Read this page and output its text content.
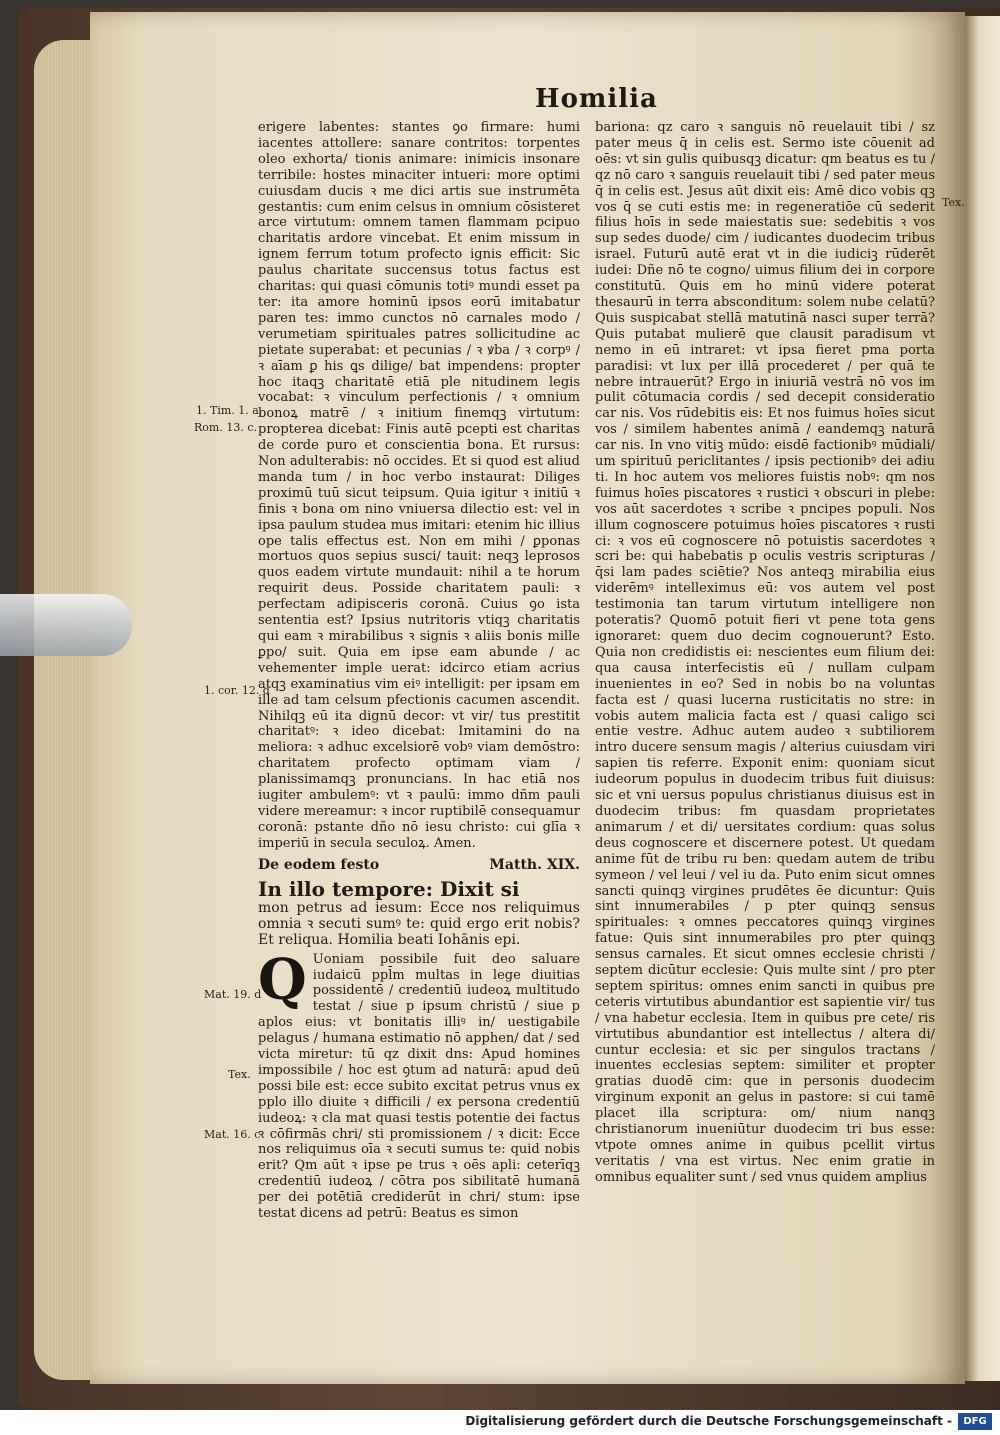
Homilia

erigere labentes: stantes ꝯo firmare: humi iacentes attollere: sanare contritos: torpentes oleo exhorta/ tionis animare: inimicis insonare terribile: hostes minaciter intueri: more optimi cuiusdam ducis ꝛ me dici artis sue instrumēta gestantis: cum enim celsus in omnium cōsisteret arce virtutum: omnem tamen flammam pcipuo charitatis ardore vincebat. Et enim missum in ignem ferrum totum profecto ignis efficit: Sic paulus charitate succensus totus factus est charitas: qui quasi cōmunis totiꝰ mundi esset pa ter: ita amore hominū ipsos eorū imitabatur paren tes: immo cunctos nō carnales modo / verumetiam spirituales patres sollicitudine ac pietate superabat: et pecunias / ꝛ ꝟba / ꝛ corpꝰ / ꝛ aīam ꝑ his ꝗs dilige/ bat impendens: propter hoc itaqꝫ charitatē etiā ple nitudinem legis vocabat: ꝛ vinculum perfectionis / ꝛ omnium bonoꝝ matrē / ꝛ initium finemqꝫ virtutum: propterea dicebat: Finis autē pcepti est charitas de corde puro et conscientia bona. Et rursus: Non adulterabis: nō occides. Et si quod est aliud manda tum / in hoc verbo instaurat: Diliges proximū tuū sicut teipsum. Quia igitur ꝛ initiū ꝛ finis ꝛ bona om nino vniuersa dilectio est: vel in ipsa paulum studea mus imitari: etenim hic illius ope talis effectus est. Non em mihi / ꝑponas mortuos quos sepius susci/ tauit: neqꝫ leprosos quos eadem virtute mundauit: nihil a te horum requirit deus. Posside charitatem pauli: ꝛ perfectam adipisceris coronā. Cuius ꝯo ista sententia est? Ipsius nutritoris vtiqꝫ charitatis qui eam ꝛ mirabilibus ꝛ signis ꝛ aliis bonis mille ꝑpo/ suit. Quia em ipse eam abunde / ac vehementer imple uerat: idcirco etiam acrius atqꝫ examinatius vim eiꝰ intelligit: per ipsam em ille ad tam celsum pfectionis cacumen ascendit. Nihilqꝫ eū ita dignū decor: vt vir/ tus prestitit charitatꝰ: ꝛ ideo dicebat: Imitamini do na meliora: ꝛ adhuc excelsiorē vobꝰ viam demōstro: charitatem profecto optimam viam / planissimamqꝫ pronuncians. In hac etiā nos iugiter ambulemꝰ: vt ꝛ paulū: immo dñm pauli videre mereamur: ꝛ incor ruptibilē consequamur coronā: pstante dño nō iesu christo: cui glīa ꝛ imperiū in secula seculoꝝ. Amen.

De eodem festo	Matth. XIX.

In illo tempore: Dixit si

mon petrus ad iesum: Ecce nos reliquimus omnia ꝛ secuti sumꝰ te: quid ergo erit nobis? Et reliqua. Homilia beati Iohānis epi.

Q Uoniam possibile fuit deo saluare iudaicū ppl̄m multas in lege diuitias possidentē / credentiū iudeoꝝ multitudo testat / siue p ipsum christū / siue p aplos eius: vt bonitatis illiꝰ in/ uestigabile pelagus / humana estimatio nō apphen/ dat / sed victa miretur: tū qz dixit dns: Apud homines impossibile / hoc est ꝯtum ad naturā: apud deū possi bile est: ecce subito excitat petrus vnus ex pplo illo diuite ꝛ difficili / ex persona credentiū iudeoꝝ: ꝛ cla mat quasi testis potentie dei factus ꝛ cōfirmās chri/ sti promissionem / ꝛ dicit: Ecce nos reliquimus oīa ꝛ secuti sumus te: quid nobis erit? Qm aūt ꝛ ipse pe trus ꝛ oēs apli: ceterīqꝫ credentiū iudeoꝝ / cōtra pos sibilitatē humanā per dei potētiā crediderūt in chri/ stum: ipse testat dicens ad petrū: Beatus es simon

bariona: qz caro ꝛ sanguis nō reuelauit tibi / sz pater meus q̄ in celis est. Sermo iste cōuenit ad oēs: vt sin gulis quibusqꝫ dicatur: qm beatus es tu / qz nō caro ꝛ sanguis reuelauit tibi / sed pater meus q̄ in celis est. Jesus aūt dixit eis: Amē dico vobis qꝫ vos q̄ se cuti estis me: in regeneratiōe cū sederit filius hoīs in sede maiestatis sue: sedebitis ꝛ vos sup sedes duode/ cim / iudicantes duodecim tribus israel. Futurū autē erat vt in die iudiciꝫ rūderēt iudei: Dñe nō te cogno/ uimus filium dei in corpore constitutū. Quis em ho minū videre poterat thesaurū in terra absconditum: solem nube celatū? Quis suspicabat stellā matutinā nasci super terrā? Quis putabat mulierē que clausit paradisum vt nemo in eū intraret: vt ipsa fieret pma porta paradisi: vt lux per illā procederet / per quā te nebre intrauerūt? Ergo in iniuriā vestrā nō vos im pulit cōtumacia cordis / sed decepit consideratio car nis. Vos rūdebitis eis: Et nos fuimus hoīes sicut vos / similem habentes animā / eandemqꝫ naturā car nis. In vno vitiꝫ mūdo: eisdē factionibꝰ mūdiali/ um spirituū periclitantes / ipsis pectionibꝰ dei adiu ti. In hoc autem vos meliores fuistis nobꝰ: qm nos fuimus hoīes piscatores ꝛ rustici ꝛ obscuri in plebe: vos aūt sacerdotes ꝛ scribe ꝛ pncipes populi. Nos illum cognoscere potuimus hoīes piscatores ꝛ rusti ci: ꝛ vos eū cognoscere nō potuistis sacerdotes ꝛ scri be: qui habebatis p oculis vestris scripturas / q̄si lam pades sciētie? Nos anteqꝫ mirabilia eius viderēmꝰ intelleximus eū: vos autem vel post testimonia tan tarum virtutum intelligere non poteratis? Quomō potuit fieri vt pene tota gens ignoraret: quem duo decim cognouerunt? Esto. Quia non credidistis ei: nescientes eum filium dei: qua causa interfecistis eū / nullam culpam inuenientes in eo? Sed in nobis bo na voluntas facta est / quasi lucerna rusticitatis no stre: in vobis autem malicia facta est / quasi caligo sci entie vestre. Adhuc autem audeo ꝛ subtiliorem intro ducere sensum magis / alterius cuiusdam viri sapien tis referre. Exponit enim: quoniam sicut iudeorum populus in duodecim tribus fuit diuisus: sic et vni uersus populus christianus diuisus est in duodecim tribus: fm quasdam proprietates animarum / et di/ uersitates cordium: quas solus deus cognoscere et discernere potest. Ut quedam anime fūt de tribu ru ben: quedam autem de tribu symeon / vel leui / vel iu da. Puto enim sicut omnes sancti quinqꝫ virgines prudētes ēe dicuntur: Quis sint innumerabiles / p pter quinqꝫ sensus spirituales: ꝛ omnes peccatores quinqꝫ virgines fatue: Quis sint innumerabiles pro pter quinqꝫ sensus carnales. Et sicut omnes ecclesie christi / septem dicūtur ecclesie: Quis multe sint / pro pter septem spiritus: omnes enim sancti in quibus pre ceteris virtutibus abundantior est sapientie vir/ tus / vna habetur ecclesia. Item in quibus pre cete/ ris virtutibus abundantior est intellectus / altera di/ cuntur ecclesia: et sic per singulos tractans / inuentes ecclesias septem: similiter et propter gratias duodē cim: que in personis duodecim virginum exponit an gelus in pastore: si cui tamē placet illa scriptura: om/ nium nanqꝫ christianorum inueniūtur duodecim tri bus esse: vtpote omnes anime in quibus pcellit virtus veritatis / vna est virtus. Nec enim gratie in omnibus equaliter sunt / sed vnus quidem amplius

1. Tim. 1. a.
Rom. 13. c.
1. cor. 12. d
Mat. 19. d
Tex.
Mat. 16. c
Tex.
Digitalisierung gefördert durch die Deutsche Forschungsgemeinschaft -	DFG
